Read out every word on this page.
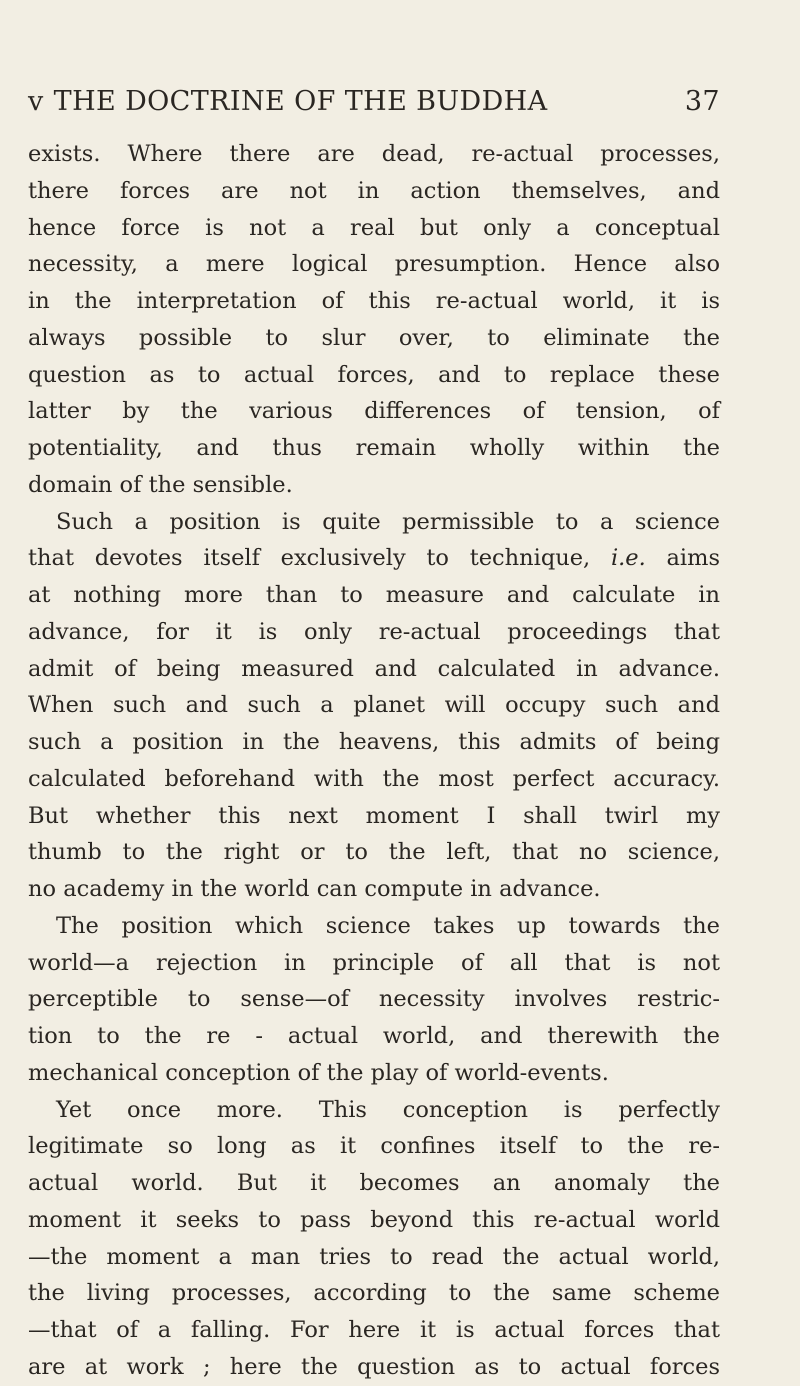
v THE DOCTRINE OF THE BUDDHA	37
exists. Where there are dead, re-actual processes,
there forces are not in action themselves, and
hence force is not a real but only a conceptual
necessity, a mere logical presumption. Hence also
in the interpretation of this re-actual world, it is
always possible to slur over, to eliminate the
question as to actual forces, and to replace these
latter by the various differences of tension, of
potentiality, and thus remain wholly within the
domain of the sensible.
Such a position is quite permissible to a science
that devotes itself exclusively to technique, i.e. aims
at nothing more than to measure and calculate in
advance, for it is only re-actual proceedings that
admit of being measured and calculated in advance.
When such and such a planet will occupy such and
such a position in the heavens, this admits of being
calculated beforehand with the most perfect accuracy.
But whether this next moment I shall twirl my
thumb to the right or to the left, that no science,
no academy in the world can compute in advance.
The position which science takes up towards the
world—a rejection in principle of all that is not
perceptible to sense—of necessity involves restric-
tion to the re - actual world, and therewith the
mechanical conception of the play of world-events.
Yet once more. This conception is perfectly
legitimate so long as it confines itself to the re-
actual world. But it becomes an anomaly the
moment it seeks to pass beyond this re-actual world
—the moment a man tries to read the actual world,
the living processes, according to the same scheme
—that of a falling. For here it is actual forces that
are at work ; here the question as to actual forces
